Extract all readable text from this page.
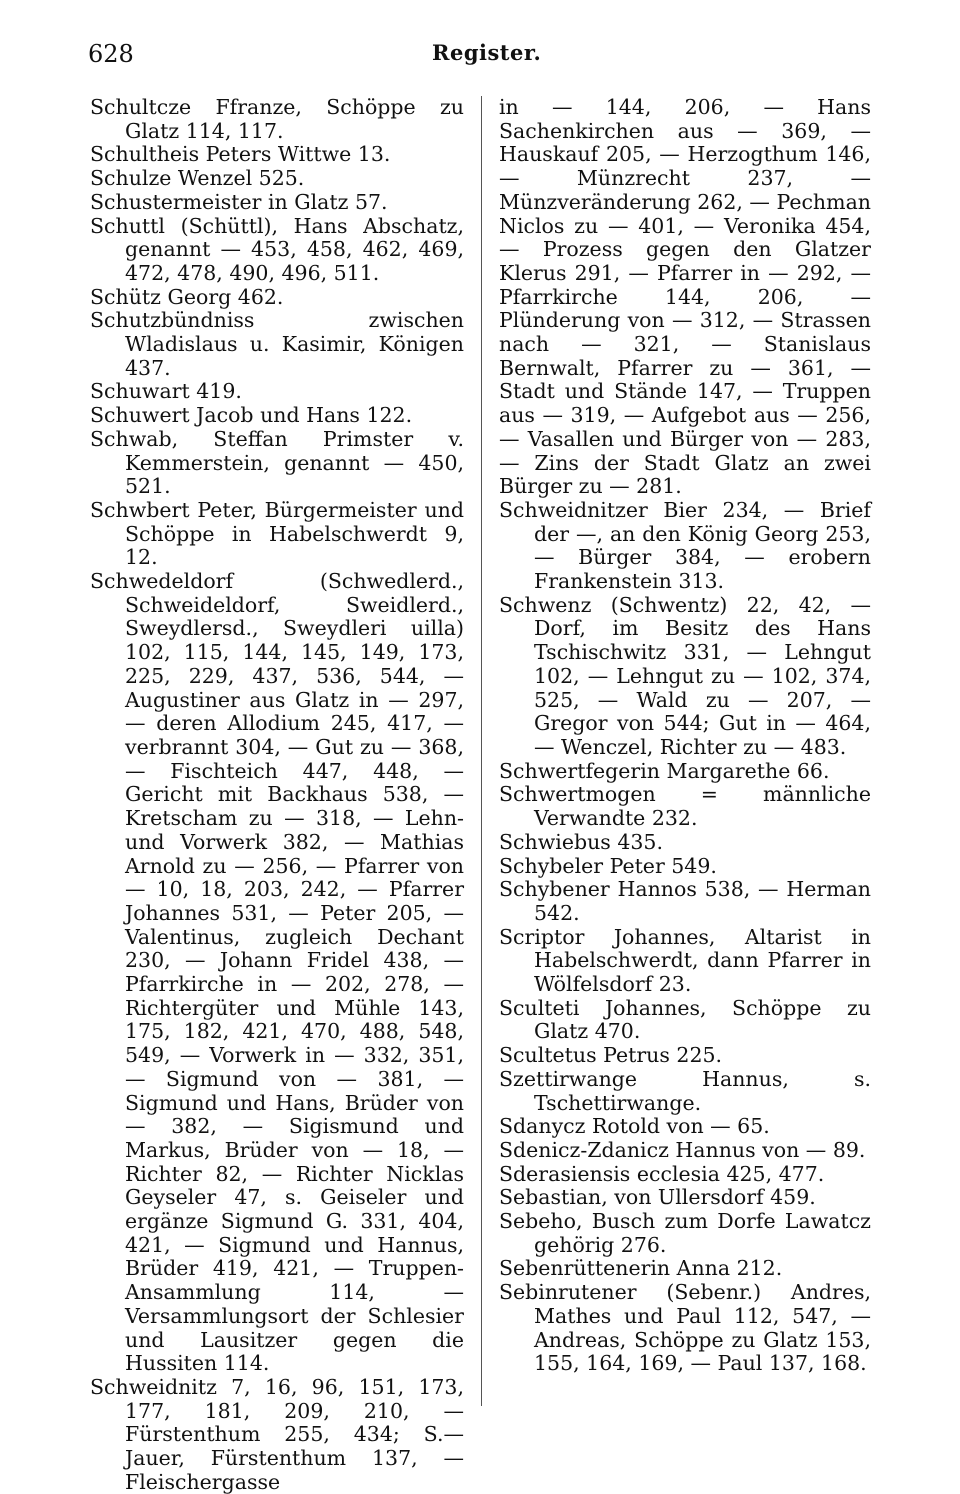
628	Register.

Schultcze Ffranze, Schöppe zu Glatz 114, 117.

Schultheis Peters Wittwe 13.

Schulze Wenzel 525.

Schustermeister in Glatz 57.

Schuttl (Schüttl), Hans Abschatz, genannt — 453, 458, 462, 469, 472, 478, 490, 496, 511.

Schütz Georg 462.

Schutzbündniss zwischen Wladislaus u. Kasimir, Königen 437.

Schuwart 419.

Schuwert Jacob und Hans 122.

Schwab, Steffan Primster v. Kemmerstein, genannt — 450, 521.

Schwbert Peter, Bürgermeister und Schöppe in Habelschwerdt 9, 12.

Schwedeldorf (Schwedlerd., Schweideldorf, Sweidlerd., Sweydlersd., Sweydleri uilla) 102, 115, 144, 145, 149, 173, 225, 229, 437, 536, 544, — Augustiner aus Glatz in — 297, — deren Allodium 245, 417, — verbrannt 304, — Gut zu — 368, — Fischteich 447, 448, — Gericht mit Backhaus 538, — Kretscham zu — 318, — Lehn- und Vorwerk 382, — Mathias Arnold zu — 256, — Pfarrer von — 10, 18, 203, 242, — Pfarrer Johannes 531, — Peter 205, — Valentinus, zugleich Dechant 230, — Johann Fridel 438, — Pfarrkirche in — 202, 278, — Richtergüter und Mühle 143, 175, 182, 421, 470, 488, 548, 549, — Vorwerk in — 332, 351, — Sigmund von — 381, — Sigmund und Hans, Brüder von — 382, — Sigismund und Markus, Brüder von — 18, — Richter 82, — Richter Nicklas Geyseler 47, s. Geiseler und ergänze Sigmund G. 331, 404, 421, — Sigmund und Hannus, Brüder 419, 421, — Truppen-Ansammlung 114, — Versammlungsort der Schlesier und Lausitzer gegen die Hussiten 114.

Schweidnitz 7, 16, 96, 151, 173, 177, 181, 209, 210, — Fürstenthum 255, 434; S.—Jauer, Fürstenthum 137, — Fleischergasse

in — 144, 206, — Hans Sachenkirchen aus — 369, — Hauskauf 205, — Herzogthum 146, — Münzrecht 237, — Münzveränderung 262, — Pechman Niclos zu — 401, — Veronika 454, — Prozess gegen den Glatzer Klerus 291, — Pfarrer in — 292, — Pfarrkirche 144, 206, — Plünderung von — 312, — Strassen nach — 321, — Stanislaus Bernwalt, Pfarrer zu — 361, — Stadt und Stände 147, — Truppen aus — 319, — Aufgebot aus — 256, — Vasallen und Bürger von — 283, — Zins der Stadt Glatz an zwei Bürger zu — 281.

Schweidnitzer Bier 234, — Brief der —, an den König Georg 253, — Bürger 384, — erobern Frankenstein 313.

Schwenz (Schwentz) 22, 42, — Dorf, im Besitz des Hans Tschischwitz 331, — Lehngut 102, — Lehngut zu — 102, 374, 525, — Wald zu — 207, — Gregor von 544; Gut in — 464, — Wenczel, Richter zu — 483.

Schwertfegerin Margarethe 66.

Schwertmogen = männliche Verwandte 232.

Schwiebus 435.

Schybeler Peter 549.

Schybener Hannos 538, — Herman 542.

Scriptor Johannes, Altarist in Habelschwerdt, dann Pfarrer in Wölfelsdorf 23.

Sculteti Johannes, Schöppe zu Glatz 470.

Scultetus Petrus 225.

Szettirwange Hannus, s. Tschettirwange.

Sdanycz Rotold von — 65.

Sdenicz-Zdanicz Hannus von — 89.

Sderasiensis ecclesia 425, 477.

Sebastian, von Ullersdorf 459.

Sebeho, Busch zum Dorfe Lawatcz gehörig 276.

Sebenrüttenerin Anna 212.

Sebinrutener (Sebenr.) Andres, Mathes und Paul 112, 547, — Andreas, Schöppe zu Glatz 153, 155, 164, 169, — Paul 137, 168.
